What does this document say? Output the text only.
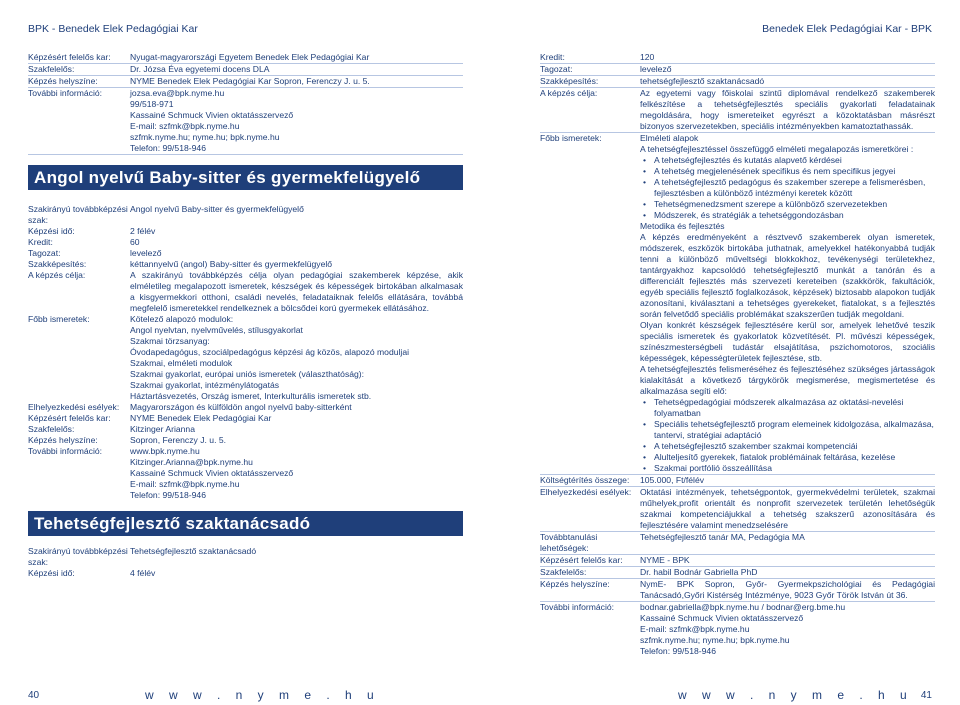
BPK - Benedek Elek Pedagógiai Kar	Benedek Elek Pedagógiai Kar - BPK
Képzésért felelős kar:	Nyugat-magyarországi Egyetem Benedek Elek Pedagógiai Kar
Szakfelelős:	Dr. Józsa Éva egyetemi docens DLA
Képzés helyszíne:	NYME Benedek Elek Pedagógiai Kar Sopron, Ferenczy J. u. 5.
További információ:	jozsa.eva@bpk.nyme.hu
99/518-971
Kassainé Schmuck Vivien oktatásszervező
E-mail: szfmk@bpk.nyme.hu
szfmk.nyme.hu; nyme.hu; bpk.nyme.hu
Telefon: 99/518-946
Angol nyelvű Baby-sitter és gyermekfelügyelő
Szakirányú továbbképzési szak:
Angol nyelvű Baby-sitter és gyermekfelügyelő
Képzési idő:	2 félév
Kredit:	60
Tagozat:	levelező
Szakképesítés:	kéttannyelvű (angol) Baby-sitter és gyermekfelügyelő
A képzés célja:	A szakirányú továbbképzés célja olyan pedagógiai szakemberek képzése, akik elméletileg megalapozott ismeretek, készségek és képességek birtokában alkalmasak a kisgyermekkori otthoni, családi nevelés, feladataiknak felelős ellátására, továbbá megfelelő ismeretekkel rendelkeznek a bölcsődei korú gyermekek ellátásához.
Főbb ismeretek:	Kötelező alapozó modulok:
Angol nyelvtan, nyelvművelés, stílusgyakorlat
Szakmai törzsanyag:
Óvodapedagógus, szociálpedagógus képzési ág közös, alapozó moduljai
Szakmai, elméleti modulok
Szakmai gyakorlat, európai uniós ismeretek (választhatóság):
Szakmai gyakorlat, intézménylátogatás
Háztartásvezetés, Ország ismeret, Interkulturális ismeretek stb.
Elhelyezkedési esélyek:	Magyarországon és külföldön angol nyelvű baby-sitterként
Képzésért felelős kar:	NYME Benedek Elek Pedagógiai Kar
Szakfelelős:	Kitzinger Arianna
Képzés helyszíne:	Sopron, Ferenczy J. u. 5.
További információ:	www.bpk.nyme.hu
Kitzinger.Arianna@bpk.nyme.hu
Kassainé Schmuck Vivien oktatásszervező
E-mail: szfmk@bpk.nyme.hu
Telefon: 99/518-946
Tehetségfejlesztő szaktanácsadó
Szakirányú továbbképzési szak:
Tehetségfejlesztő szaktanácsadó
Képzési idő:	4 félév
Kredit:	120
Tagozat:	levelező
Szakképesítés:	tehetségfejlesztő szaktanácsadó
A képzés célja:	Az egyetemi vagy főiskolai szintű diplomával rendelkező szakemberek felkészítése a tehetségfejlesztés speciális gyakorlati feladatainak megoldására, hogy ismereteiket egyrészt a közoktatásban másrészt bizonyos szervezetekben, speciális intézményekben kamatoztathassák.
Főbb ismeretek:	Elméleti alapok
A tehetségfejlesztéssel összefüggő elméleti megalapozás ismeretkörei :
• A tehetségfejlesztés és kutatás alapvető kérdései
• A tehetség megjelenésének specifikus és nem specifikus jegyei
• A tehetségfejlesztő pedagógus és szakember szerepe a felismerésben, fejlesztésben a különböző intézményi keretek között
• Tehetségmenedzsment szerepe a különböző szervezetekben
• Módszerek, és stratégiák a tehetséggondozásban
Metodika és fejlesztés
A képzés eredményeként a résztvevő szakemberek olyan ismeretek, módszerek, eszközök birtokába juthatnak, amelyekkel hatékonyabbá tudják tenni a különböző műveltségi blokkokhoz, tevékenységi területekhez, tantárgyakhoz kapcsolódó tehetségfejlesztő munkát a tanórán és a differenciált fejlesztés más szervezeti kereteiben (szakkörök, fakultációk, egyéb speciális fejlesztő foglalkozások, képzések) biztosabb alapokon tudják azonosítani, kiválasztani a tehetséges gyerekeket, fiatalokat, s a fejlesztés során felvetődő speciális problémákat szakszerűen tudják megoldani.
Olyan konkrét készségek fejlesztésére kerül sor, amelyek lehetővé teszik speciális ismeretek és gyakorlatok közvetítését. Pl. művészi képességek, színészmesterségbeli tudástár elsajátítása, pszichomotoros, szociális képességek, képességterületek fejlesztése, stb.
A tehetségfejlesztés felismeréséhez és fejlesztéséhez szükséges jártasságok kialakítását a következő tárgykörök megismerése, megismertetése és alkalmazása segíti elő:
• Tehetségpedagógiai módszerek alkalmazása az oktatási-nevelési folyamatban
• Speciális tehetségfejlesztő program elemeinek kidolgozása, alkalmazása, tantervi, stratégiai adaptáció
• A tehetségfejlesztő szakember szakmai kompetenciái
• Alulteljesítő gyerekek, fiatalok problémáinak feltárása, kezelése
• Szakmai portfólió összeállítása
Költségtérítés összege:	105.000, Ft/félév
Elhelyezkedési esélyek:	Oktatási intézmények, tehetségpontok, gyermekvédelmi területek, szakmai műhelyek,profit orientált és nonprofit szervezetek területén lehetőségük szakmai kompetenciájukkal a tehetség szakszerű azonosítására és fejlesztésére valamint menedzselésére
Továbbtanulási lehetőségek:
Tehetségfejlesztő tanár MA, Pedagógia MA
Képzésért felelős kar:	NYME - BPK
Szakfelelős:	Dr. habil Bodnár Gabriella PhD
Képzés helyszíne:	NymE- BPK Sopron, Győr- Gyermekpszichológiai és Pedagógiai Tanácsadó,Győri Kistérség Intézménye, 9023 Győr Török István út 36.
További információ:	bodnar.gabriella@bpk.nyme.hu / bodnar@erg.bme.hu
Kassainé Schmuck Vivien oktatásszervező
E-mail: szfmk@bpk.nyme.hu
szfmk.nyme.hu; nyme.hu; bpk.nyme.hu
Telefon: 99/518-946
40	w w w . n y m e . h u	w w w . n y m e . h u 41
